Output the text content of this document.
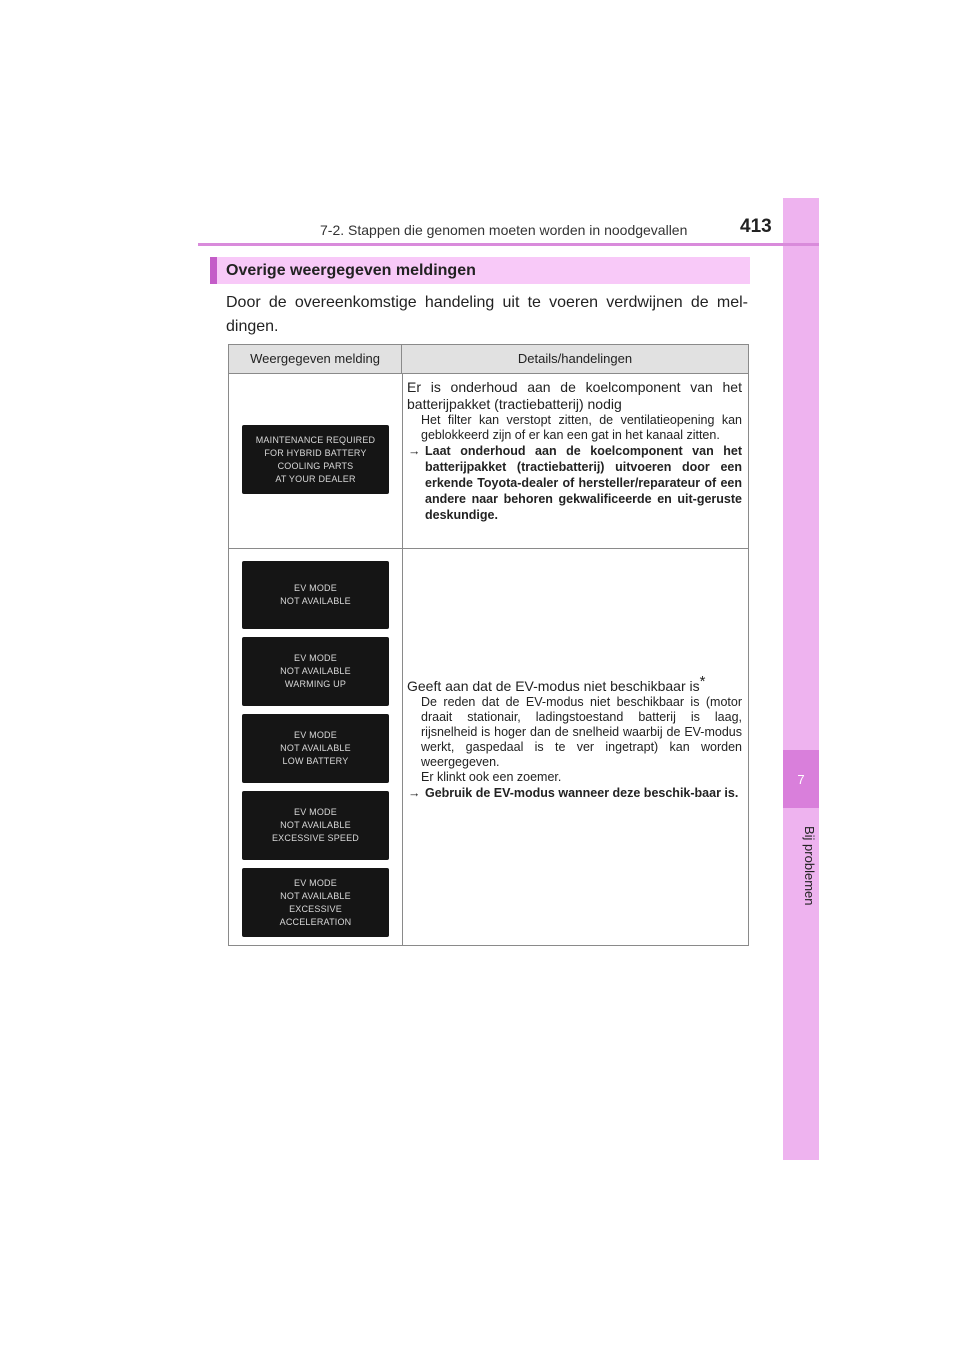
7
Bij problemen
7-2. Stappen die genomen moeten worden in noodgevallen	413
Overige weergegeven meldingen
Door de overeenkomstige handeling uit te voeren verdwijnen de mel-dingen.
Weergegeven melding	Details/handelingen
MAINTENANCE REQUIRED
FOR HYBRID BATTERY
COOLING PARTS
AT YOUR DEALER
Er is onderhoud aan de koelcomponent van het batterijpakket (tractiebatterij) nodig
Het filter kan verstopt zitten, de ventilatieopening kan geblokkeerd zijn of er kan een gat in het kanaal zitten.
→ Laat onderhoud aan de koelcomponent van het batterijpakket (tractiebatterij) uitvoeren door een erkende Toyota-dealer of hersteller/reparateur of een andere naar behoren gekwalificeerde en uit-geruste deskundige.
EV MODE
NOT AVAILABLE
EV MODE
NOT AVAILABLE
WARMING UP
EV MODE
NOT AVAILABLE
LOW BATTERY
EV MODE
NOT AVAILABLE
EXCESSIVE SPEED
EV MODE
NOT AVAILABLE
EXCESSIVE
ACCELERATION
Geeft aan dat de EV-modus niet beschikbaar is*
De reden dat de EV-modus niet beschikbaar is (motor draait stationair, ladingstoestand batterij is laag, rijsnelheid is hoger dan de snelheid waarbij de EV-modus werkt, gaspedaal is te ver ingetrapt) kan worden weergegeven.
Er klinkt ook een zoemer.
→ Gebruik de EV-modus wanneer deze beschik-baar is.
